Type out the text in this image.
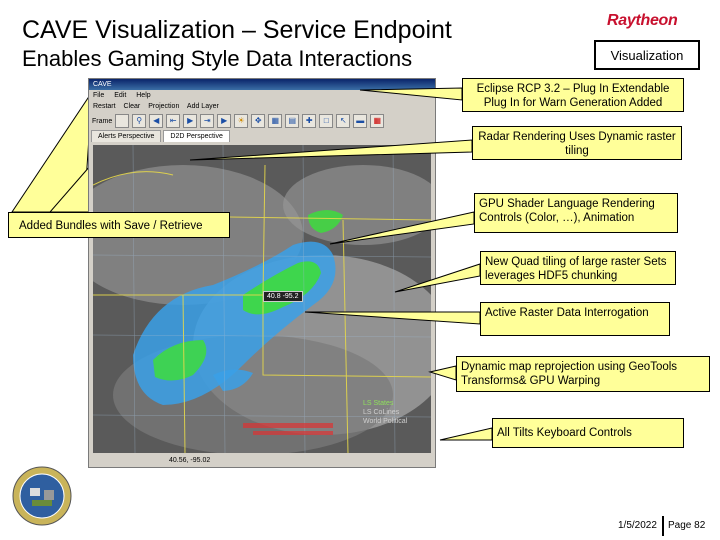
CAVE Visualization – Service Endpoint
Enables Gaming Style Data Interactions
Raytheon
Visualization
CAVE
File Edit Help
Restart Clear Projection Add Layer
Frame	⚲	◀	⇤	▶	⇥	▶	☀	✥	▦	▤	✚	□	↖	▬	▦
Alerts Perspective	D2D Perspective
40.8 -95.2
LS States
LS CoLines
World Political
40.56, -95.02
Added Bundles with Save / Retrieve
Eclipse RCP 3.2 – Plug In Extendable Plug In for Warn Generation Added
Radar Rendering Uses Dynamic raster tiling
GPU Shader Language Rendering Controls (Color, …), Animation
New Quad tiling of large raster Sets leverages HDF5 chunking
Active Raster Data Interrogation
Dynamic map reprojection using GeoTools Transforms& GPU Warping
All Tilts Keyboard Controls
1/5/2022 Page 82
